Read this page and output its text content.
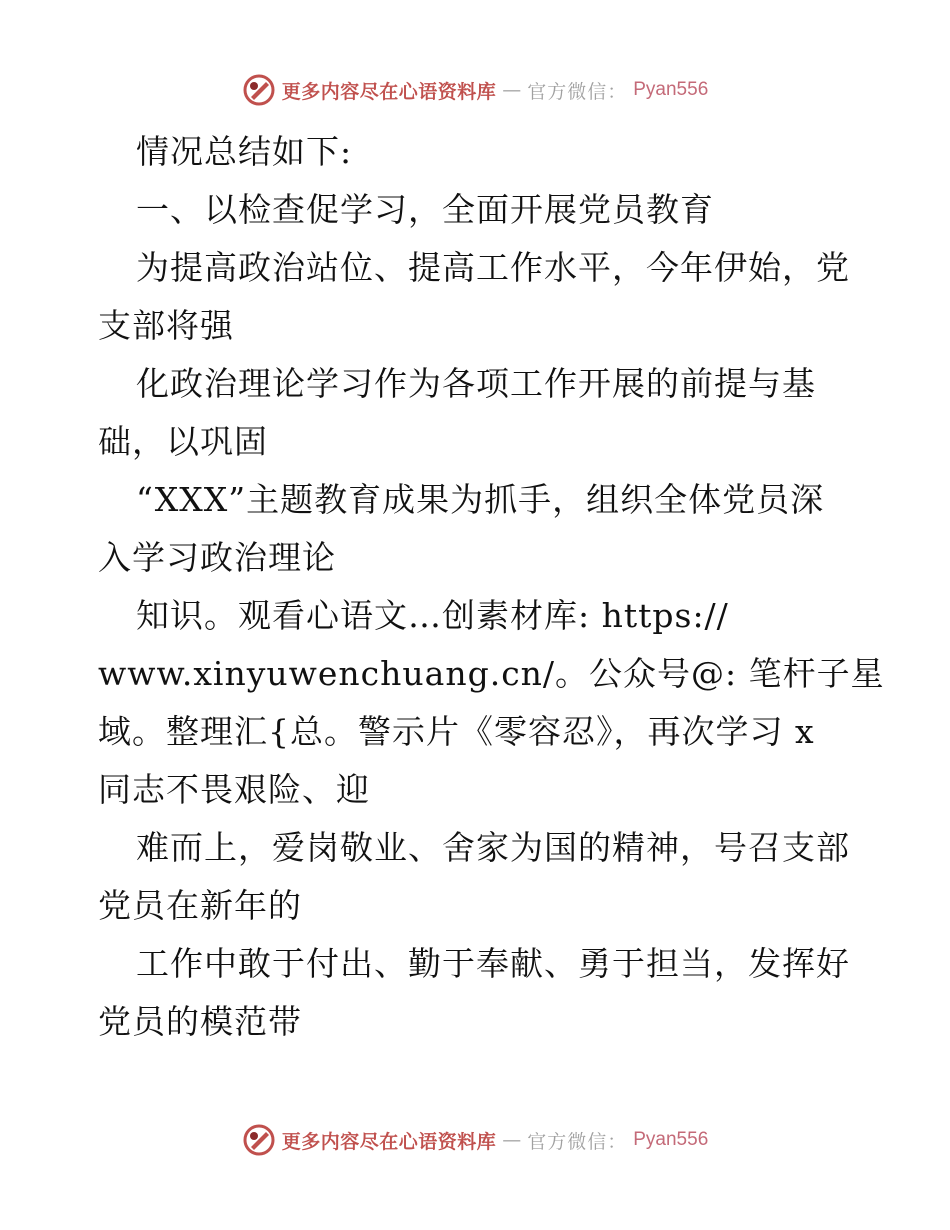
更多内容尽在心语资料库 — 官方微信： Pyan556
情况总结如下:
一、以检查促学习，全面开展党员教育
为提高政治站位、提高工作水平，今年伊始，党
支部将强
化政治理论学习作为各项工作开展的前提与基
础，以巩固
“XXX”主题教育成果为抓手，组织全体党员深
入学习政治理论
知识。观看心语文…创素材库: https://
www.xinyuwenchuang.cn/。公众号@: 笔杆子星
域。整理汇{总。警示片《零容忍》，再次学习 x
同志不畏艰险、迎
难而上，爱岗敬业、舍家为国的精神，号召支部
党员在新年的
工作中敢于付出、勤于奉献、勇于担当，发挥好
党员的模范带
更多内容尽在心语资料库 — 官方微信： Pyan556
